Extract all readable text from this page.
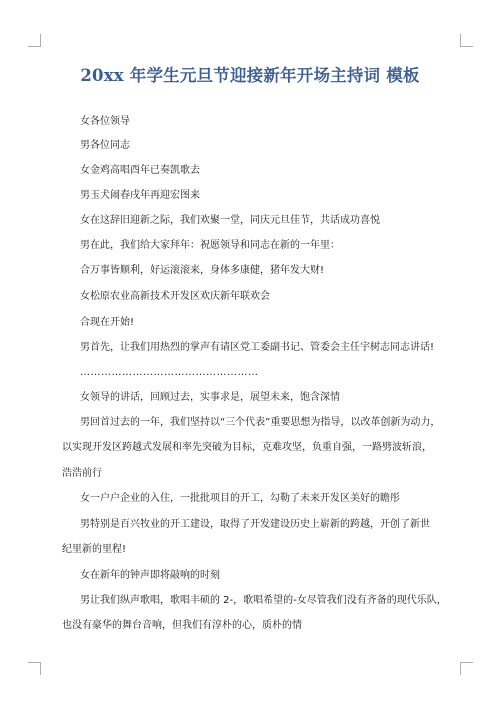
20xx 年学生元旦节迎接新年开场主持词 模板
女各位领导
男各位同志
女金鸡高唱酉年已奏凯歌去
男玉犬闹春戌年再迎宏图来
女在这辞旧迎新之际，我们欢聚一堂，同庆元旦佳节，共话成功喜悦
男在此，我们给大家拜年：祝愿领导和同志在新的一年里：
合万事皆顺利，好运滚滚来，身体多康健，猪年发大财!
女松原农业高新技术开发区欢庆新年联欢会
合现在开始!
男首先，让我们用热烈的掌声有请区党工委副书记、管委会主任宇树志同志讲话!
……………………………………………
女领导的讲话，回顾过去，实事求是，展望未来，饱含深情
男回首过去的一年，我们坚持以“三个代表”重要思想为指导，以改革创新为动力，
以实现开发区跨越式发展和率先突破为目标，克难攻坚，负重自强，一路劈波斩浪，
浩浩前行
女一户户企业的入住，一批批项目的开工，勾勒了未来开发区美好的瞻彤
男特别是百兴牧业的开工建设，取得了开发建设历史上崭新的跨越，开创了新世
纪里新的里程!
女在新年的钟声即将敲响的时刻
男让我们纵声歌唱，歌唱丰硕的 2-，歌唱希望的-女尽管我们没有齐备的现代乐队，
也没有豪华的舞台音响，但我们有淳朴的心，质朴的情
